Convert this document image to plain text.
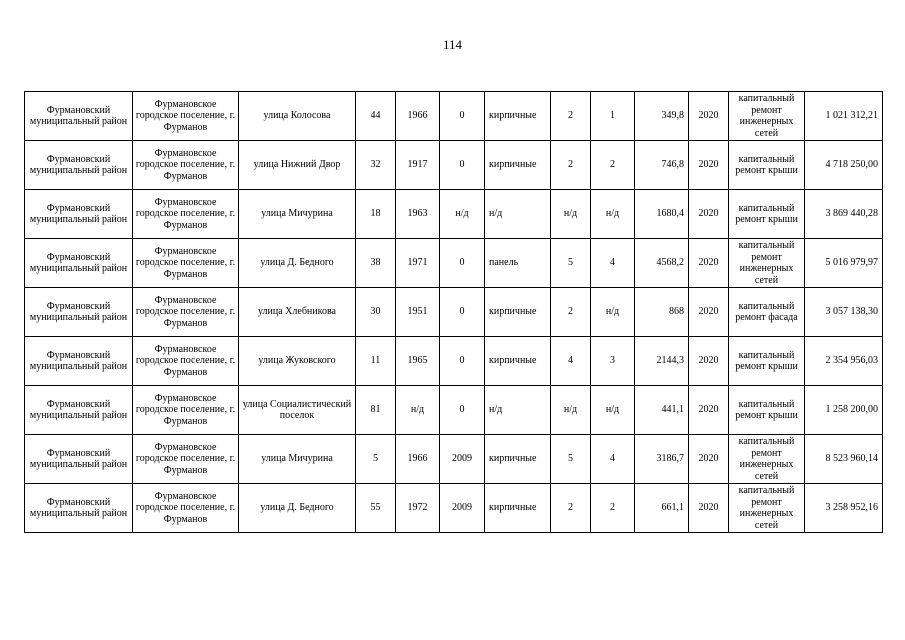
114
Фурмановский муниципальный район	Фурмановское городское поселение, г. Фурманов	улица Колосова	44	1966	0	кирпичные	2	1	349,8	2020	капитальный ремонт инженерных сетей	1 021 312,21
Фурмановский муниципальный район	Фурмановское городское поселение, г. Фурманов	улица Нижний Двор	32	1917	0	кирпичные	2	2	746,8	2020	капитальный ремонт крыши	4 718 250,00
Фурмановский муниципальный район	Фурмановское городское поселение, г. Фурманов	улица Мичурина	18	1963	н/д	н/д	н/д	н/д	1680,4	2020	капитальный ремонт крыши	3 869 440,28
Фурмановский муниципальный район	Фурмановское городское поселение, г. Фурманов	улица Д. Бедного	38	1971	0	панель	5	4	4568,2	2020	капитальный ремонт инженерных сетей	5 016 979,97
Фурмановский муниципальный район	Фурмановское городское поселение, г. Фурманов	улица Хлебникова	30	1951	0	кирпичные	2	н/д	868	2020	капитальный ремонт фасада	3 057 138,30
Фурмановский муниципальный район	Фурмановское городское поселение, г. Фурманов	улица Жуковского	11	1965	0	кирпичные	4	3	2144,3	2020	капитальный ремонт крыши	2 354 956,03
Фурмановский муниципальный район	Фурмановское городское поселение, г. Фурманов	улица Социалистический поселок	81	н/д	0	н/д	н/д	н/д	441,1	2020	капитальный ремонт крыши	1 258 200,00
Фурмановский муниципальный район	Фурмановское городское поселение, г. Фурманов	улица Мичурина	5	1966	2009	кирпичные	5	4	3186,7	2020	капитальный ремонт инженерных сетей	8 523 960,14
Фурмановский муниципальный район	Фурмановское городское поселение, г. Фурманов	улица Д. Бедного	55	1972	2009	кирпичные	2	2	661,1	2020	капитальный ремонт инженерных сетей	3 258 952,16
